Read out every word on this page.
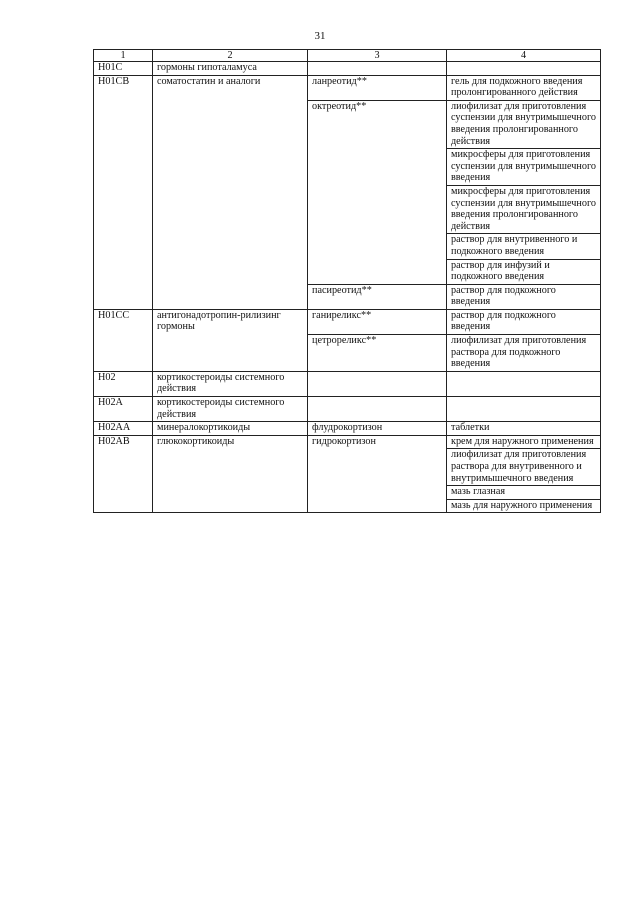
31
1	2	3	4
H01C	гормоны гипоталамуса		
H01CB	соматостатин и аналоги	ланреотид**	гель для подкожного введения пролонгированного действия
		октреотид**	лиофилизат для приготовления суспензии для внутримышечного введения пролонгированного действия
			микросферы для приготовления суспензии для внутримышечного введения
			микросферы для приготовления суспензии для внутримышечного введения пролонгированного действия
			раствор для внутривенного и подкожного введения
			раствор для инфузий и подкожного введения
		пасиреотид**	раствор для подкожного введения
H01CC	антигонадотропин-рилизинг гормоны	ганиреликс**	раствор для подкожного введения
		цетрореликс**	лиофилизат для приготовления раствора для подкожного введения
H02	кортикостероиды системного действия		
H02A	кортикостероиды системного действия		
H02AA	минералокортикоиды	флудрокортизон	таблетки
H02AB	глюкокортикоиды	гидрокортизон	крем для наружного применения
			лиофилизат для приготовления раствора для внутривенного и внутримышечного введения
			мазь глазная
			мазь для наружного применения
